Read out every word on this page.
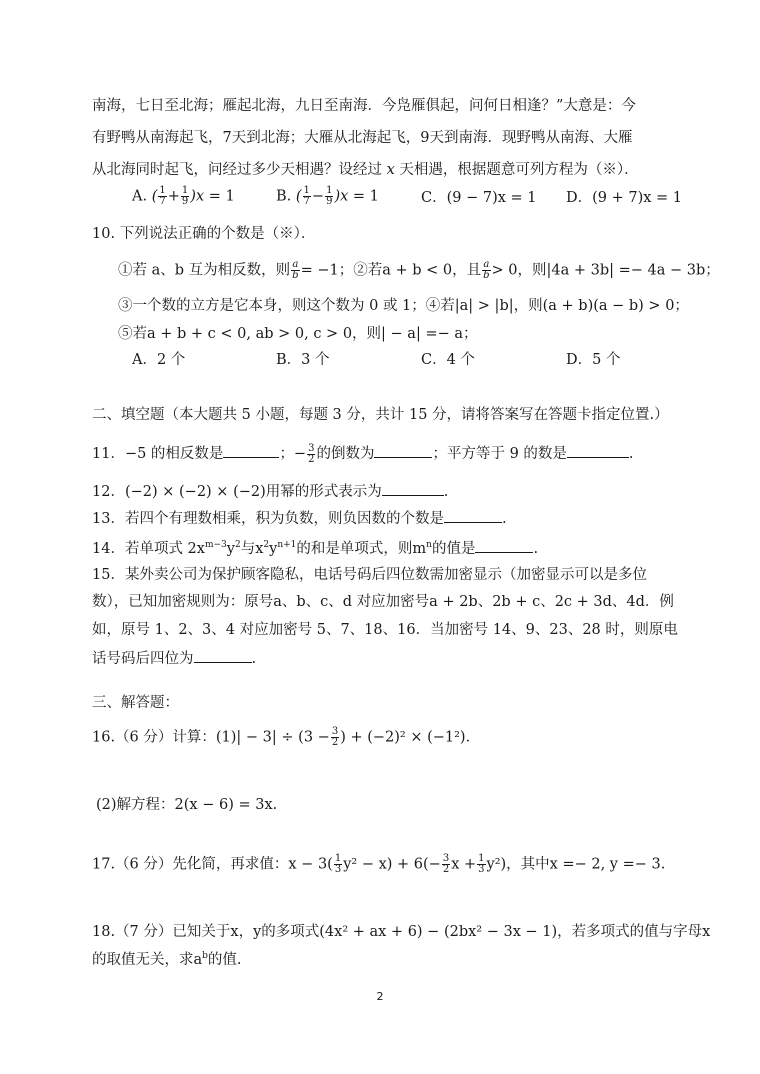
南海，七日至北海；雁起北海，九日至南海．今凫雁俱起，问何日相逢？”大意是：今
有野鸭从南海起飞，7天到北海；大雁从北海起飞，9天到南海．现野鸭从南海、大雁
从北海同时起飞，问经过多少天相遇？设经过 x 天相遇，根据题意可列方程为（※）．
A. ( $\frac{1}{7} + \frac{1}{9} )x = 1$	B. ( $\frac{1}{7} - \frac{1}{9} )x = 1$	C．(9 − 7)x = 1 D．(9 + 7)x = 1
10. 下列说法正确的个数是（※）．
①若 a、b 互为相反数，则 $\frac{a}{b} = -1$；②若a + b < 0，且 $\frac{a}{b} > 0$，则|4a + 3b| =− 4a − 3b；
③一个数的立方是它本身，则这个数为 0 或 1；④若|a| > |b|，则(a + b)(a − b) > 0；
⑤若a + b + c < 0, ab > 0, c > 0，则| − a| =− a；
A．2 个	B．3 个	C．4 个	D．5 个
二、填空题（本大题共 5 小题，每题 3 分，共计 15 分，请将答案写在答题卡指定位置.）
11．−5 的相反数是	；− $\frac{3}{2}$ 的倒数为	；平方等于 9 的数是	.
12．(−2) × (−2) × (−2)用幂的形式表示为	.
13．若四个有理数相乘，积为负数，则负因数的个数是	.
14．若单项式 $2x^{m-3}y^2$与$x^2y^{n+1}$的和是单项式，则$m^n$的值是	.
15．某外卖公司为保护顾客隐私，电话号码后四位数需加密显示（加密显示可以是多位
数），已知加密规则为：原号a、b、c、d 对应加密号a + 2b、2b + c、2c + 3d、4d．例
如，原号 1、2、3、4 对应加密号 5、7、18、16．当加密号 14、9、23、28 时，则原电
话号码后四位为	.
三、解答题：
16.（6 分）计算：$(1)| - 3| \div (3 - \frac{3}{2}$ ) + (−2)² × (−1²)．
(2)解方程：2(x − 6) = 3x.
17.（6 分）先化简，再求值：$x - 3( \frac{1}{3} y^2 - x) + 6(- \frac{3}{2}$ $x + \frac{1}{3} y^2$)，其中x =− 2, y =− 3.
18.（7 分）已知关于x，y的多项式(4x² + ax + 6) − (2bx² − 3x − 1)，若多项式的值与字母x
的取值无关，求$a^b$的值.
2
